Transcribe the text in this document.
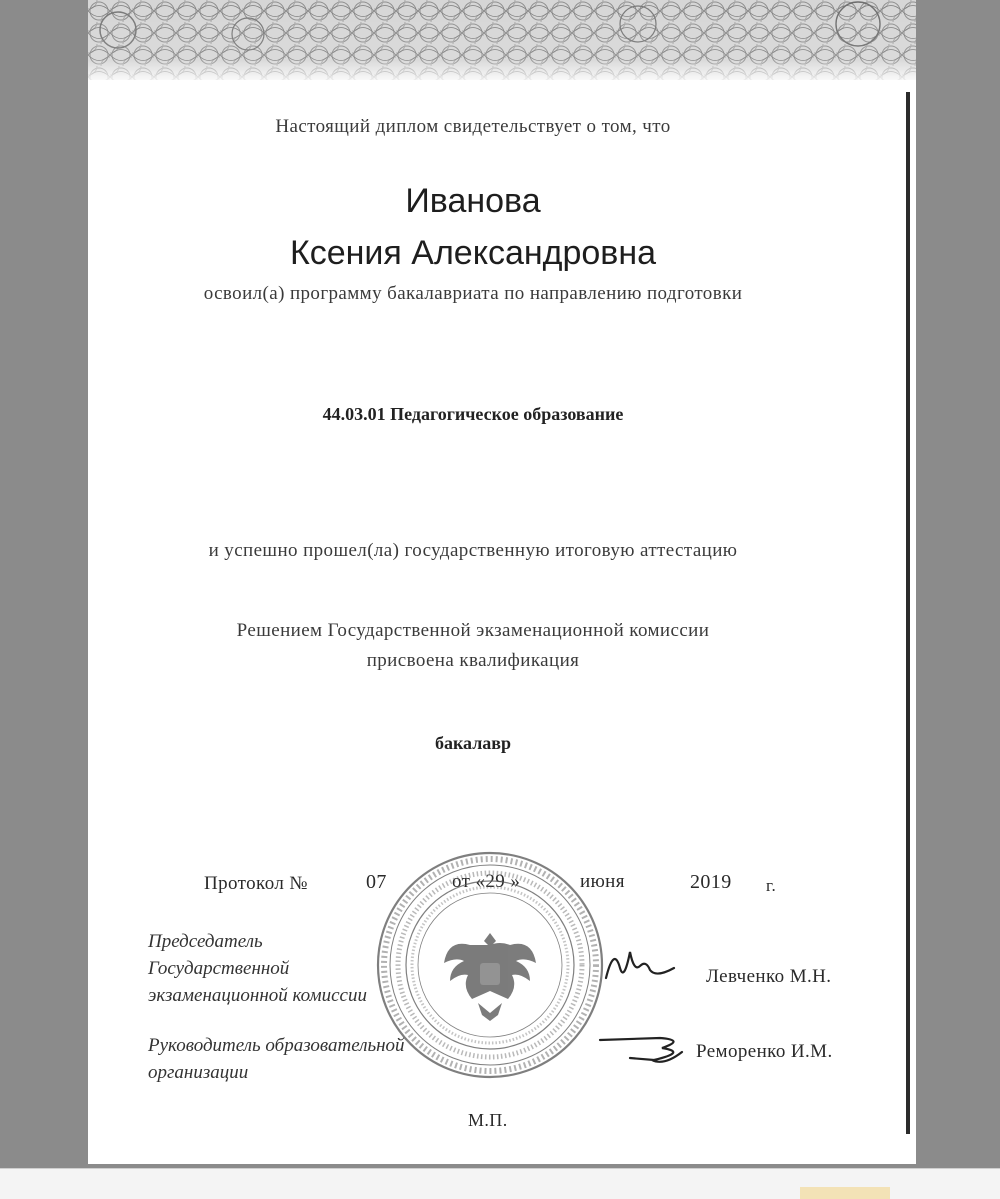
Настоящий диплом свидетельствует о том, что
Иванова
Ксения Александровна
освоил(а) программу бакалавриата по направлению подготовки
44.03.01 Педагогическое образование
и успешно прошел(ла) государственную итоговую аттестацию
Решением Государственной экзаменационной комиссии
присвоена квалификация
бакалавр
Протокол №	07	от «29 »	июня	2019 г.
Председатель
Государственной
экзаменационной комиссии
Левченко М.Н.
Руководитель образовательной
организации
Реморенко И.М.
М.П.
